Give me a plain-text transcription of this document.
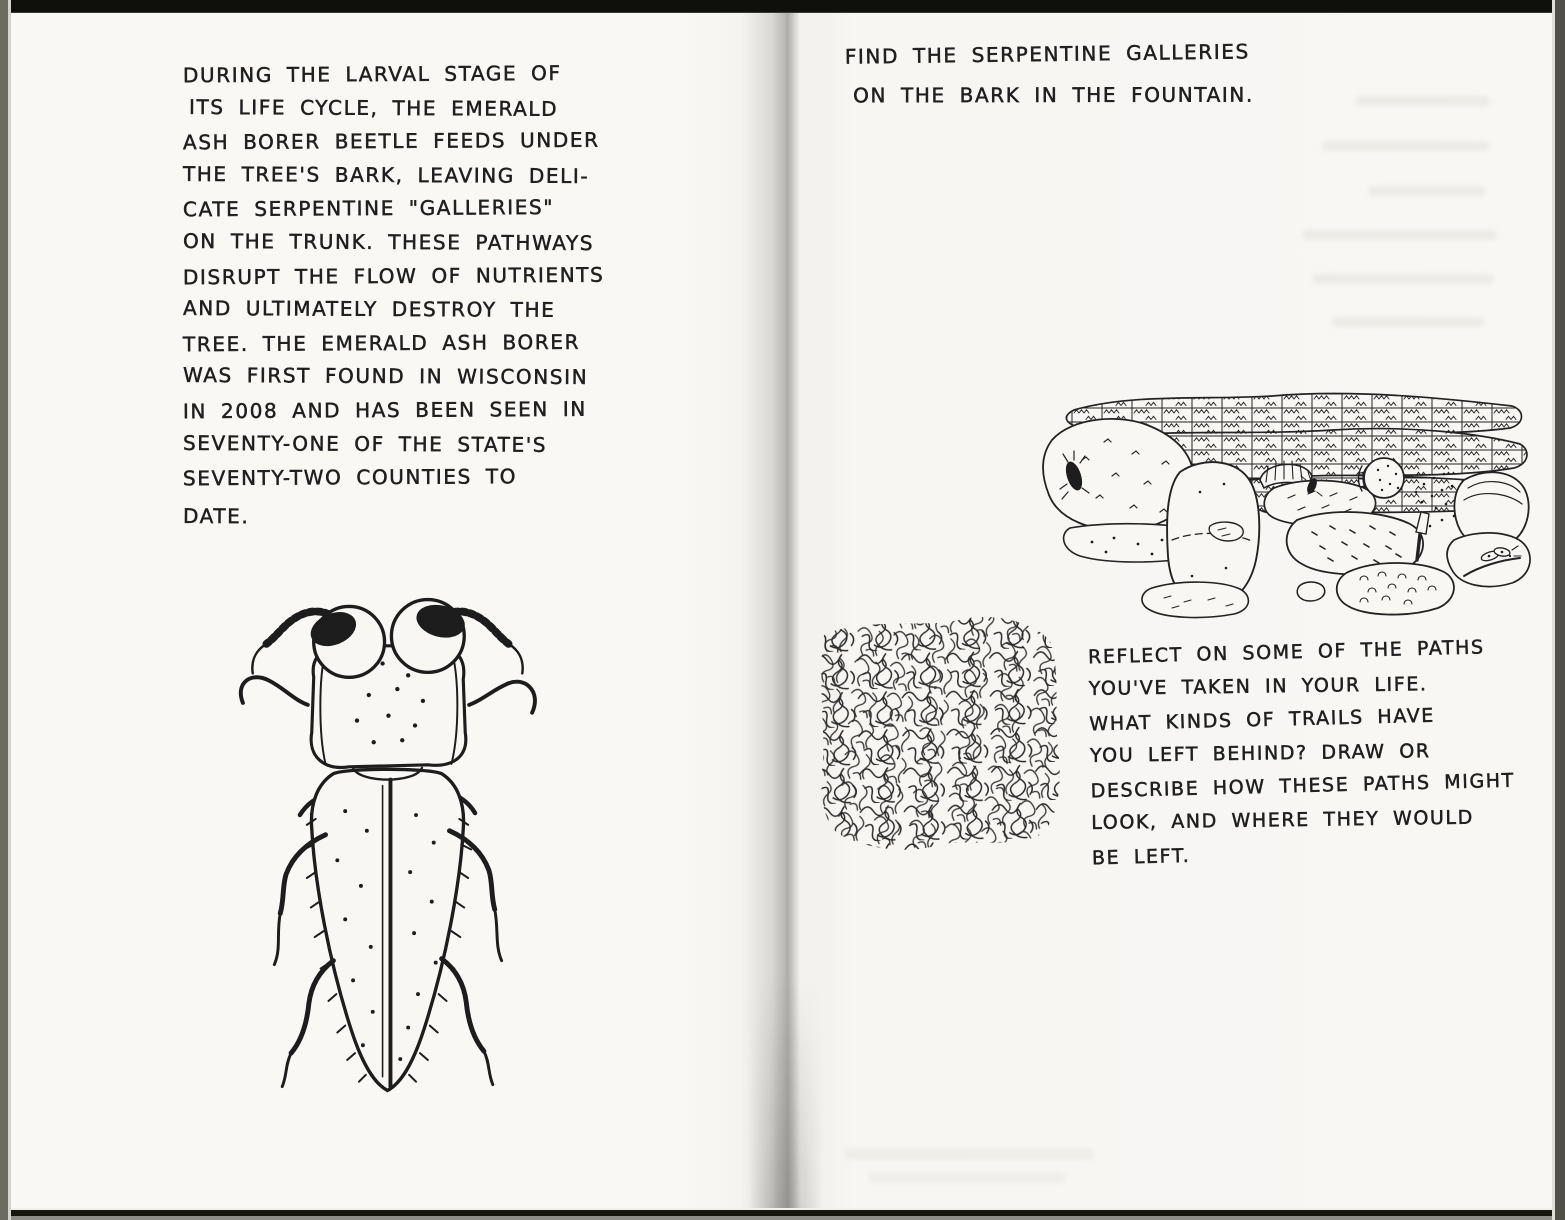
DURING THE LARVAL STAGE OF
ITS LIFE CYCLE, THE EMERALD
ASH BORER BEETLE FEEDS UNDER
THE TREE'S BARK, LEAVING DELI-
CATE SERPENTINE "GALLERIES"
ON THE TRUNK. THESE PATHWAYS
DISRUPT THE FLOW OF NUTRIENTS
AND ULTIMATELY DESTROY THE
TREE. THE EMERALD ASH BORER
WAS FIRST FOUND IN WISCONSIN
IN 2008 AND HAS BEEN SEEN IN
SEVENTY-ONE OF THE STATE'S
SEVENTY-TWO COUNTIES TO
DATE.
FIND THE SERPENTINE GALLERIES
ON THE BARK IN THE FOUNTAIN.
REFLECT ON SOME OF THE PATHS
YOU'VE TAKEN IN YOUR LIFE.
WHAT KINDS OF TRAILS HAVE
YOU LEFT BEHIND? DRAW OR
DESCRIBE HOW THESE PATHS MIGHT
LOOK, AND WHERE THEY WOULD
BE LEFT.
